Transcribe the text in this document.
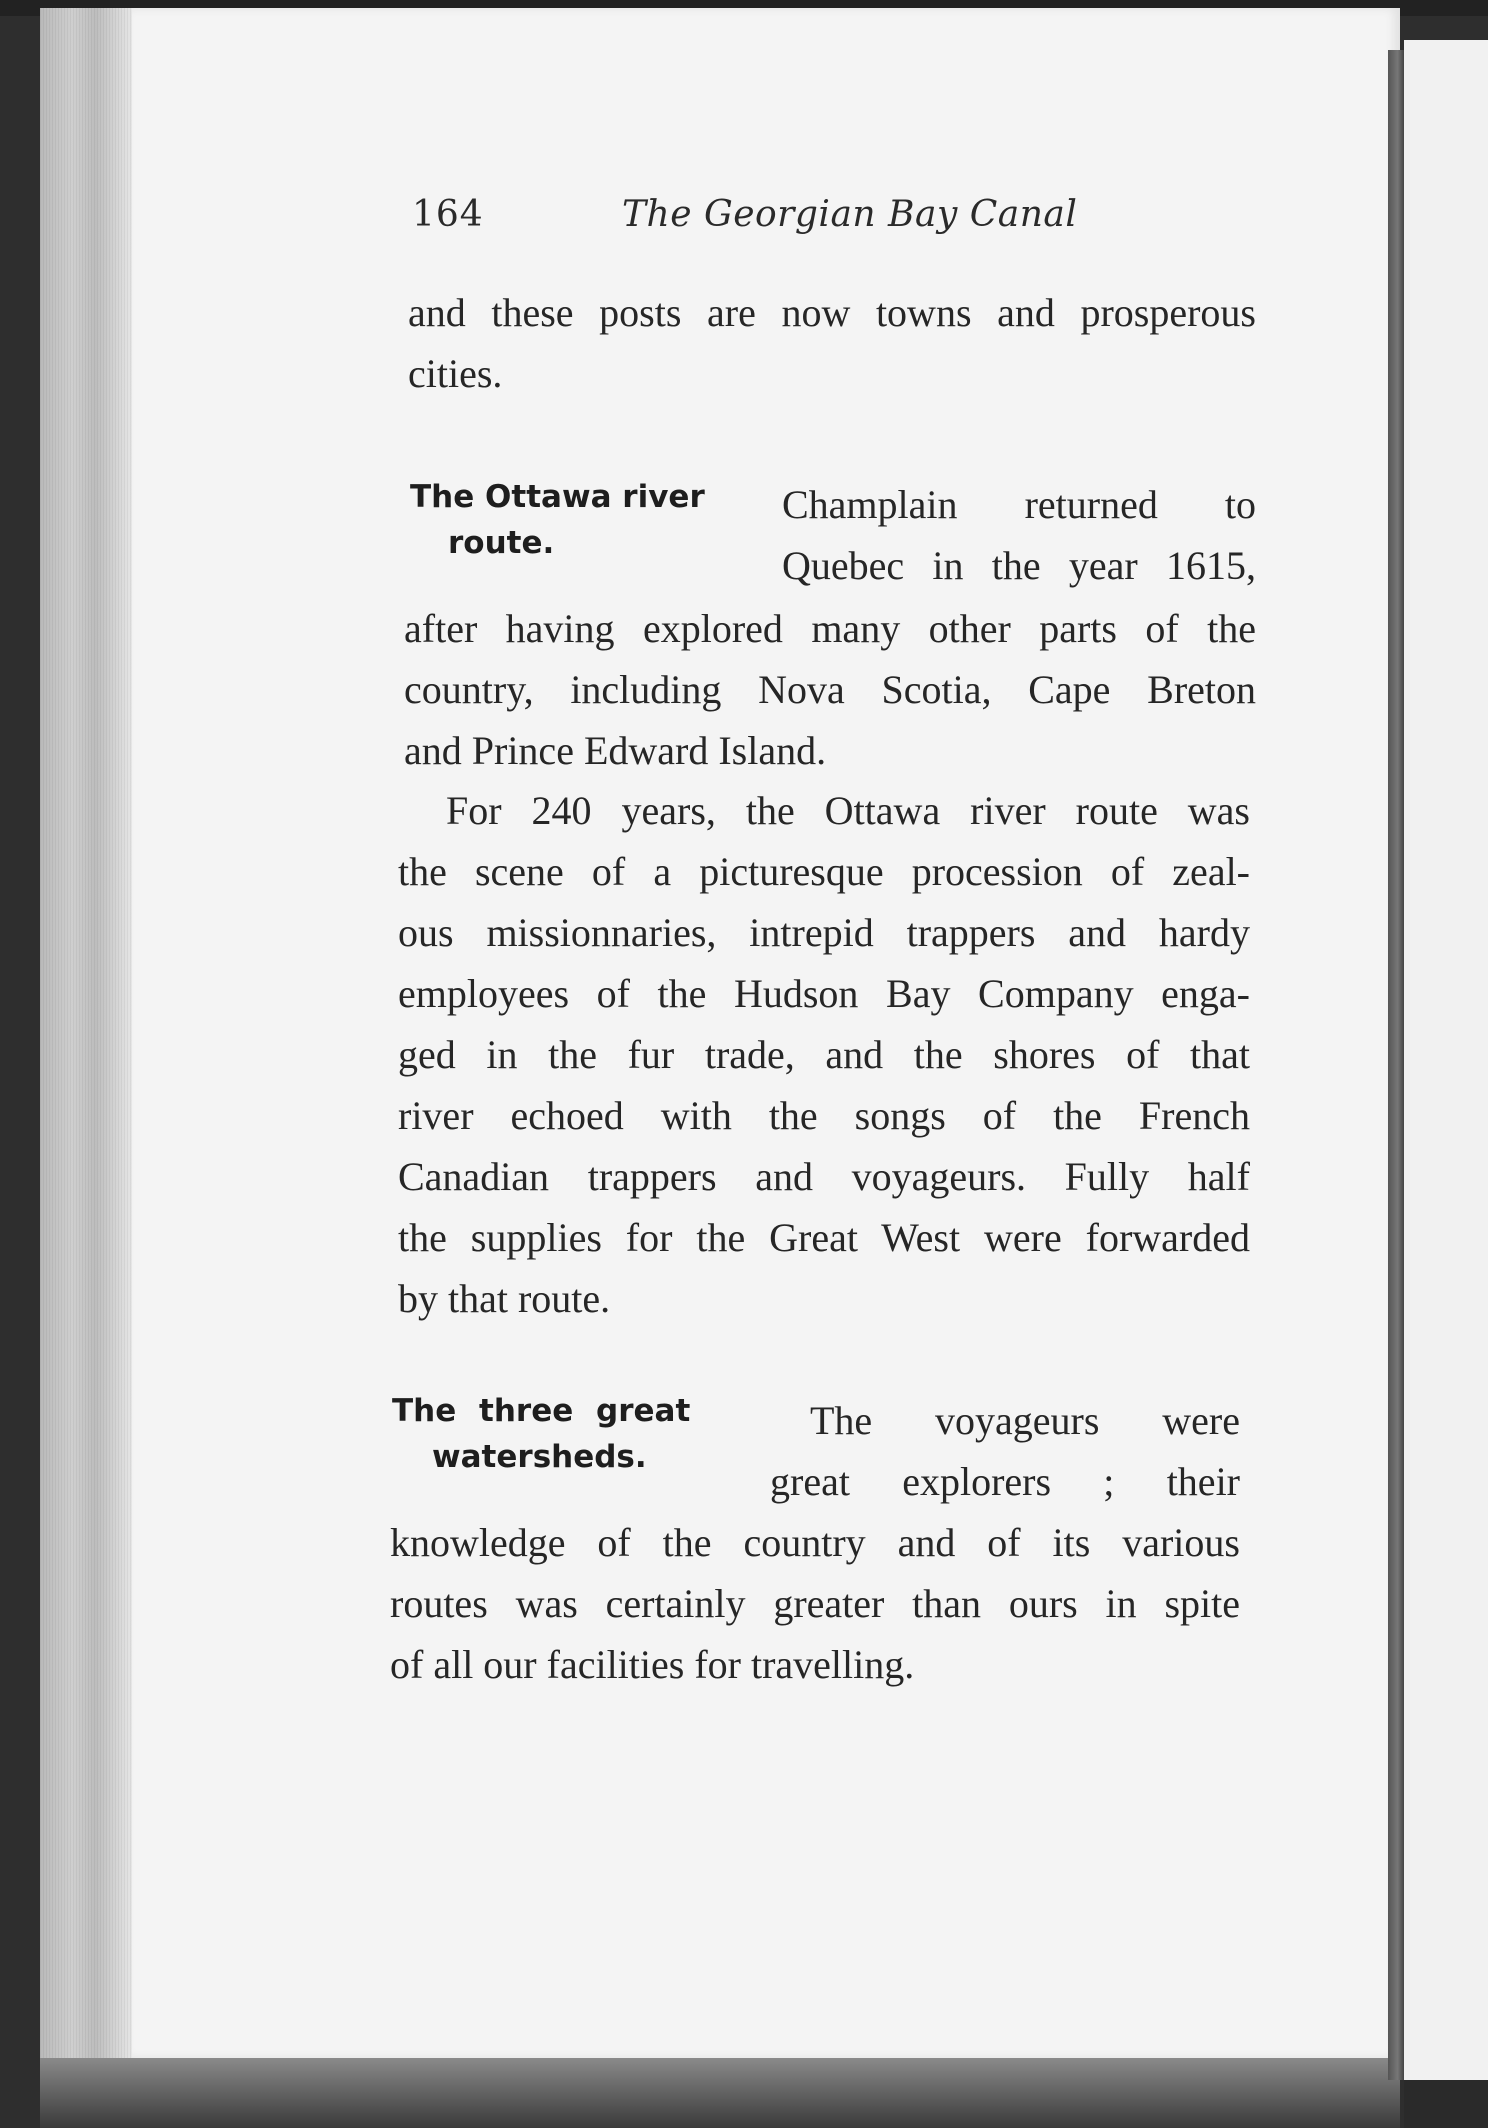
164	The Georgian Bay Canal
and these posts are now towns and prosperous
cities.
The Ottawa river
route.
Champlain returned to
Quebec in the year 1615,
after having explored many other parts of the
country, including Nova Scotia, Cape Breton
and Prince Edward Island.
For 240 years, the Ottawa river route was
the scene of a picturesque procession of zeal-
ous missionnaries, intrepid trappers and hardy
employees of the Hudson Bay Company enga-
ged in the fur trade, and the shores of that
river echoed with the songs of the French
Canadian trappers and voyageurs. Fully half
the supplies for the Great West were forwarded
by that route.
The three great
watersheds.
The voyageurs were
great explorers ; their
knowledge of the country and of its various
routes was certainly greater than ours in spite
of all our facilities for travelling.
